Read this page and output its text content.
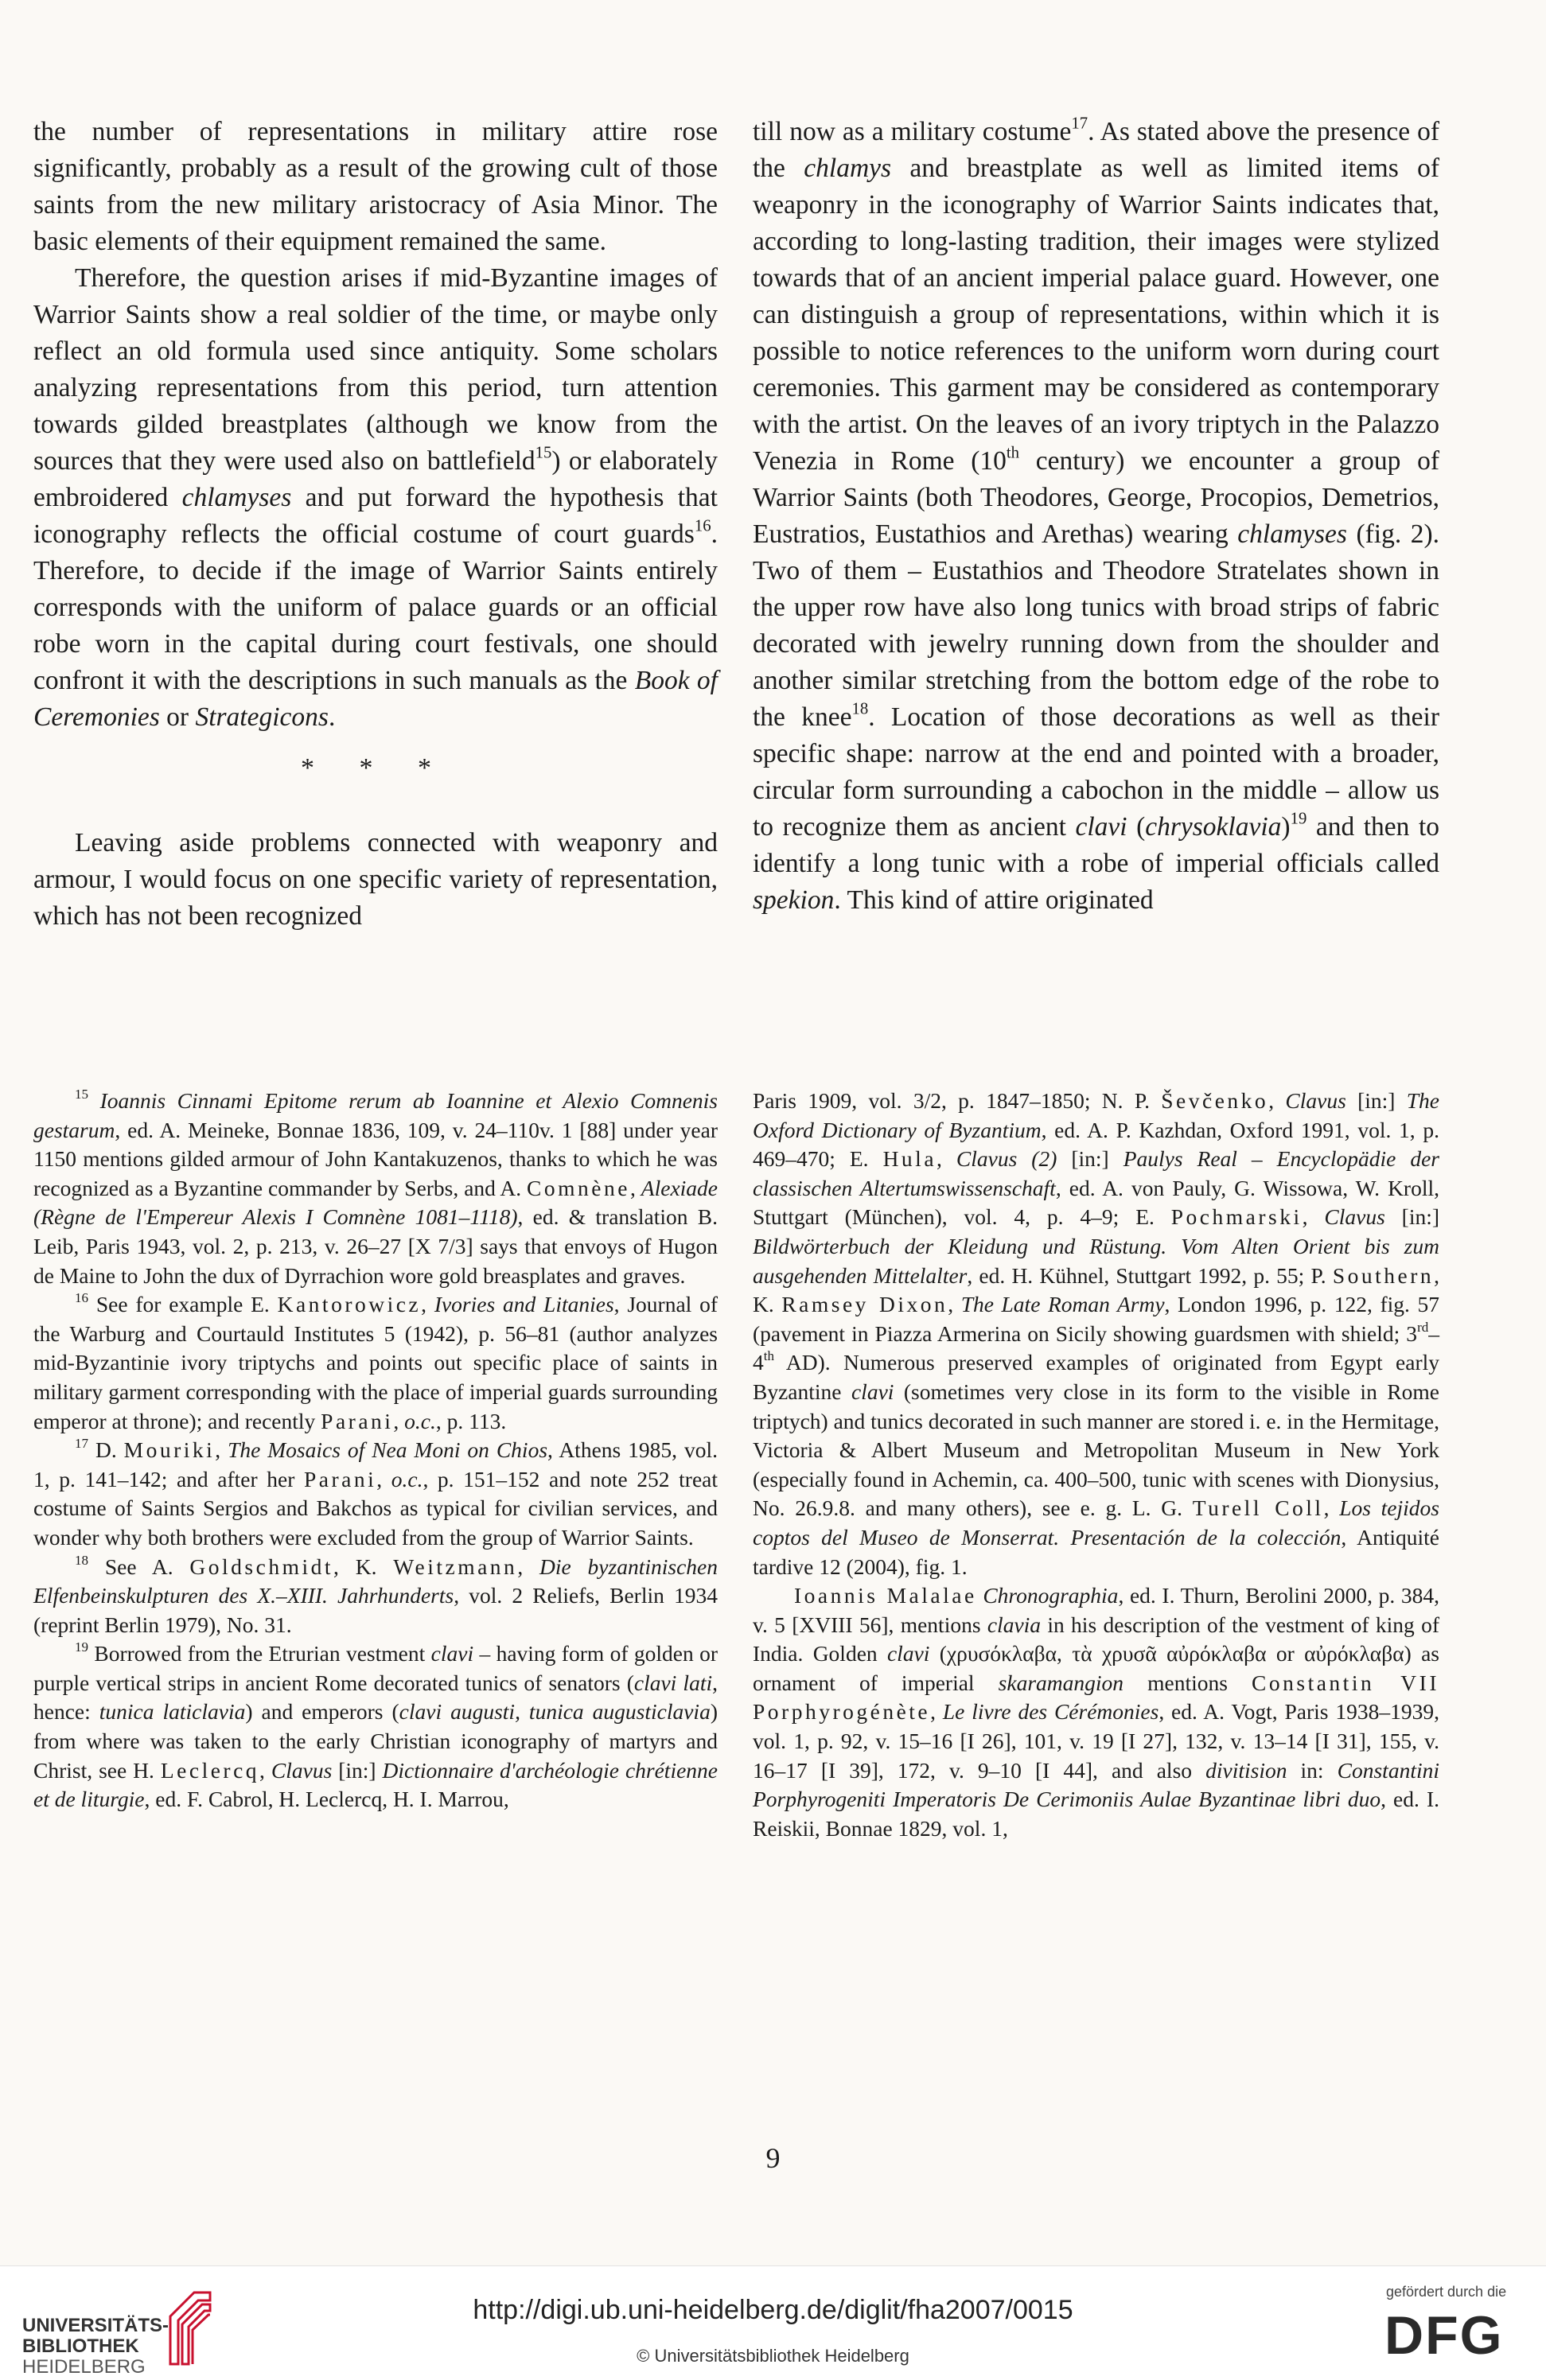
the number of representations in military attire rose significantly, probably as a result of the growing cult of those saints from the new military aristocracy of Asia Minor. The basic elements of their equipment remained the same.

Therefore, the question arises if mid-Byzantine images of Warrior Saints show a real soldier of the time, or maybe only reflect an old formula used since antiquity. Some scholars analyzing representations from this period, turn attention towards gilded breastplates (although we know from the sources that they were used also on battlefield$^{15}$) or elaborately embroidered chlamyses and put forward the hypothesis that iconography reflects the official costume of court guards$^{16}$. Therefore, to decide if the image of Warrior Saints entirely corresponds with the uniform of palace guards or an official robe worn in the capital during court festivals, one should confront it with the descriptions in such manuals as the Book of Ceremonies or Strategicons.

* * *

Leaving aside problems connected with weaponry and armour, I would focus on one specific variety of representation, which has not been recognized

till now as a military costume$^{17}$. As stated above the presence of the chlamys and breastplate as well as limited items of weaponry in the iconography of Warrior Saints indicates that, according to long-lasting tradition, their images were stylized towards that of an ancient imperial palace guard. However, one can distinguish a group of representations, within which it is possible to notice references to the uniform worn during court ceremonies. This garment may be considered as contemporary with the artist. On the leaves of an ivory triptych in the Palazzo Venezia in Rome (10th century) we encounter a group of Warrior Saints (both Theodores, George, Procopios, Demetrios, Eustratios, Eustathios and Arethas) wearing chlamyses (fig. 2). Two of them – Eustathios and Theodore Stratelates shown in the upper row have also long tunics with broad strips of fabric decorated with jewelry running down from the shoulder and another similar stretching from the bottom edge of the robe to the knee$^{18}$. Location of those decorations as well as their specific shape: narrow at the end and pointed with a broader, circular form surrounding a cabochon in the middle – allow us to recognize them as ancient clavi (chrysoklavia)$^{19}$ and then to identify a long tunic with a robe of imperial officials called spekion. This kind of attire originated

$^{15}$ Ioannis Cinnami Epitome rerum ab Ioannine et Alexio Comnenis gestarum, ed. A. Meineke, Bonnae 1836, 109, v. 24–110v. 1 [88] under year 1150 mentions gilded armour of John Kantakuzenos, thanks to which he was recognized as a Byzantine commander by Serbs, and A. Comnène, Alexiade (Règne de l'Empereur Alexis I Comnène 1081–1118), ed. & translation B. Leib, Paris 1943, vol. 2, p. 213, v. 26–27 [X 7/3] says that envoys of Hugon de Maine to John the dux of Dyrrachion wore gold breasplates and graves.

$^{16}$ See for example E. Kantorowicz, Ivories and Litanies, Journal of the Warburg and Courtauld Institutes 5 (1942), p. 56–81 (author analyzes mid-Byzantinie ivory triptychs and points out specific place of saints in military garment corresponding with the place of imperial guards surrounding emperor at throne); and recently Parani, o.c., p. 113.

$^{17}$ D. Mouriki, The Mosaics of Nea Moni on Chios, Athens 1985, vol. 1, p. 141–142; and after her Parani, o.c., p. 151–152 and note 252 treat costume of Saints Sergios and Bakchos as typical for civilian services, and wonder why both brothers were excluded from the group of Warrior Saints.

$^{18}$ See A. Goldschmidt, K. Weitzmann, Die byzantinischen Elfenbeinskulpturen des X.–XIII. Jahrhunderts, vol. 2 Reliefs, Berlin 1934 (reprint Berlin 1979), No. 31.

$^{19}$ Borrowed from the Etrurian vestment clavi – having form of golden or purple vertical strips in ancient Rome decorated tunics of senators (clavi lati, hence: tunica laticlavia) and emperors (clavi augusti, tunica augusticlavia) from where was taken to the early Christian iconography of martyrs and Christ, see H. Leclercq, Clavus [in:] Dictionnaire d'archéologie chrétienne et de liturgie, ed. F. Cabrol, H. Leclercq, H. I. Marrou,

Paris 1909, vol. 3/2, p. 1847–1850; N. P. Ševčenko, Clavus [in:] The Oxford Dictionary of Byzantium, ed. A. P. Kazhdan, Oxford 1991, vol. 1, p. 469–470; E. Hula, Clavus (2) [in:] Paulys Real – Encyclopädie der classischen Altertumswissenschaft, ed. A. von Pauly, G. Wissowa, W. Kroll, Stuttgart (München), vol. 4, p. 4–9; E. Pochmarski, Clavus [in:] Bildwörterbuch der Kleidung und Rüstung. Vom Alten Orient bis zum ausgehenden Mittelalter, ed. H. Kühnel, Stuttgart 1992, p. 55; P. Southern, K. Ramsey Dixon, The Late Roman Army, London 1996, p. 122, fig. 57 (pavement in Piazza Armerina on Sicily showing guardsmen with shield; 3rd–4th AD). Numerous preserved examples of originated from Egypt early Byzantine clavi (sometimes very close in its form to the visible in Rome triptych) and tunics decorated in such manner are stored i. e. in the Hermitage, Victoria & Albert Museum and Metropolitan Museum in New York (especially found in Achemin, ca. 400–500, tunic with scenes with Dionysius, No. 26.9.8. and many others), see e. g. L. G. Turell Coll, Los tejidos coptos del Museo de Monserrat. Presentación de la colección, Antiquité tardive 12 (2004), fig. 1.

Ioannis Malalae Chronographia, ed. I. Thurn, Berolini 2000, p. 384, v. 5 [XVIII 56], mentions clavia in his description of the vestment of king of India. Golden clavi (χρυσόκλαβα, τὰ χρυσᾶ αὐρόκλαβα or αὐρόκλαβα) as ornament of imperial skaramangion mentions Constantin VII Porphyrogénète, Le livre des Cérémonies, ed. A. Vogt, Paris 1938–1939, vol. 1, p. 92, v. 15–16 [I 26], 101, v. 19 [I 27], 132, v. 13–14 [I 31], 155, v. 16–17 [I 39], 172, v. 9–10 [I 44], and also divitision in: Constantini Porphyrogeniti Imperatoris De Cerimoniis Aulae Byzantinae libri duo, ed. I. Reiskii, Bonnae 1829, vol. 1,

9
UNIVERSITÄTS-
BIBLIOTHEK
HEIDELBERG
http://digi.ub.uni-heidelberg.de/diglit/fha2007/0015
© Universitätsbibliothek Heidelberg
gefördert durch die
DFG
